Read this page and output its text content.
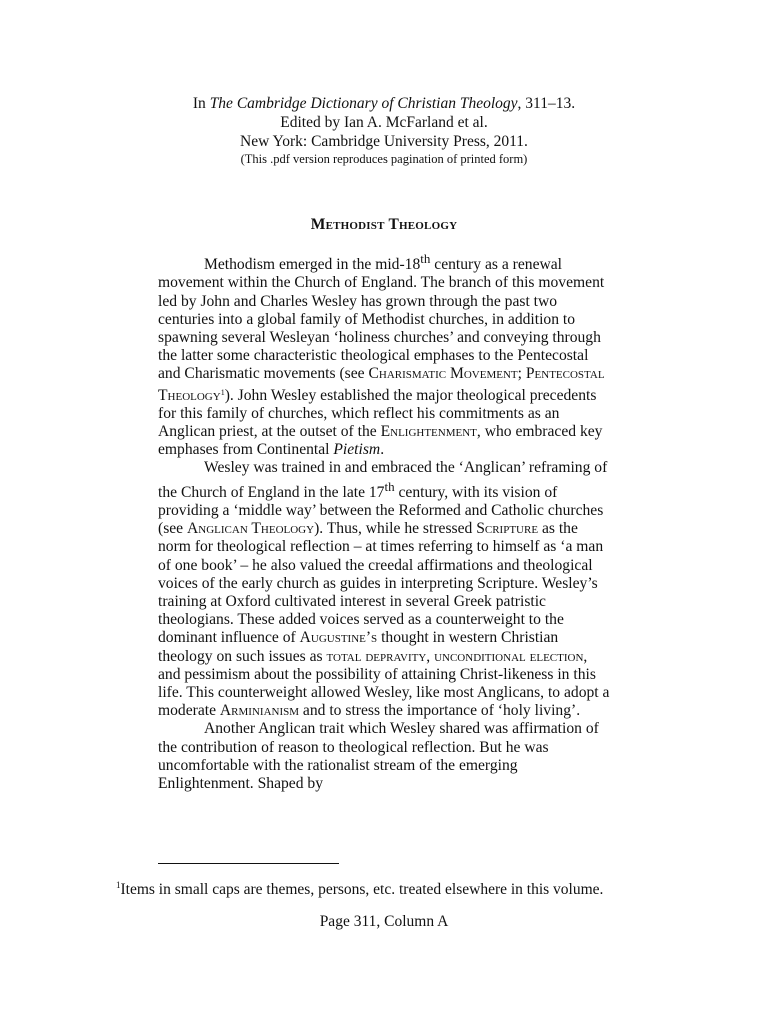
In The Cambridge Dictionary of Christian Theology, 311–13.
Edited by Ian A. McFarland et al.
New York: Cambridge University Press, 2011.
(This .pdf version reproduces pagination of printed form)
Methodist Theology

Methodism emerged in the mid-18th century as a renewal movement within the Church of England. The branch of this movement led by John and Charles Wesley has grown through the past two centuries into a global family of Methodist churches, in addition to spawning several Wesleyan ‘holiness churches’ and conveying through the latter some characteristic theological emphases to the Pentecostal and Charismatic movements (see Charismatic Movement; Pentecostal Theology$^1$). John Wesley established the major theological precedents for this family of churches, which reflect his commitments as an Anglican priest, at the outset of the Enlightenment, who embraced key emphases from Continental Pietism.

Wesley was trained in and embraced the ‘Anglican’ reframing of the Church of England in the late 17th century, with its vision of providing a ‘middle way’ between the Reformed and Catholic churches (see Anglican Theology). Thus, while he stressed Scripture as the norm for theological reflection – at times referring to himself as ‘a man of one book’ – he also valued the creedal affirmations and theological voices of the early church as guides in interpreting Scripture. Wesley’s training at Oxford cultivated interest in several Greek patristic theologians. These added voices served as a counterweight to the dominant influence of Augustine’s thought in western Christian theology on such issues as total depravity, unconditional election, and pessimism about the possibility of attaining Christ-likeness in this life. This counterweight allowed Wesley, like most Anglicans, to adopt a moderate Arminianism and to stress the importance of ‘holy living’.

Another Anglican trait which Wesley shared was affirmation of the contribution of reason to theological reflection. But he was uncomfortable with the rationalist stream of the emerging Enlightenment. Shaped by

$^1$Items in small caps are themes, persons, etc. treated elsewhere in this volume.
Page 311, Column A
